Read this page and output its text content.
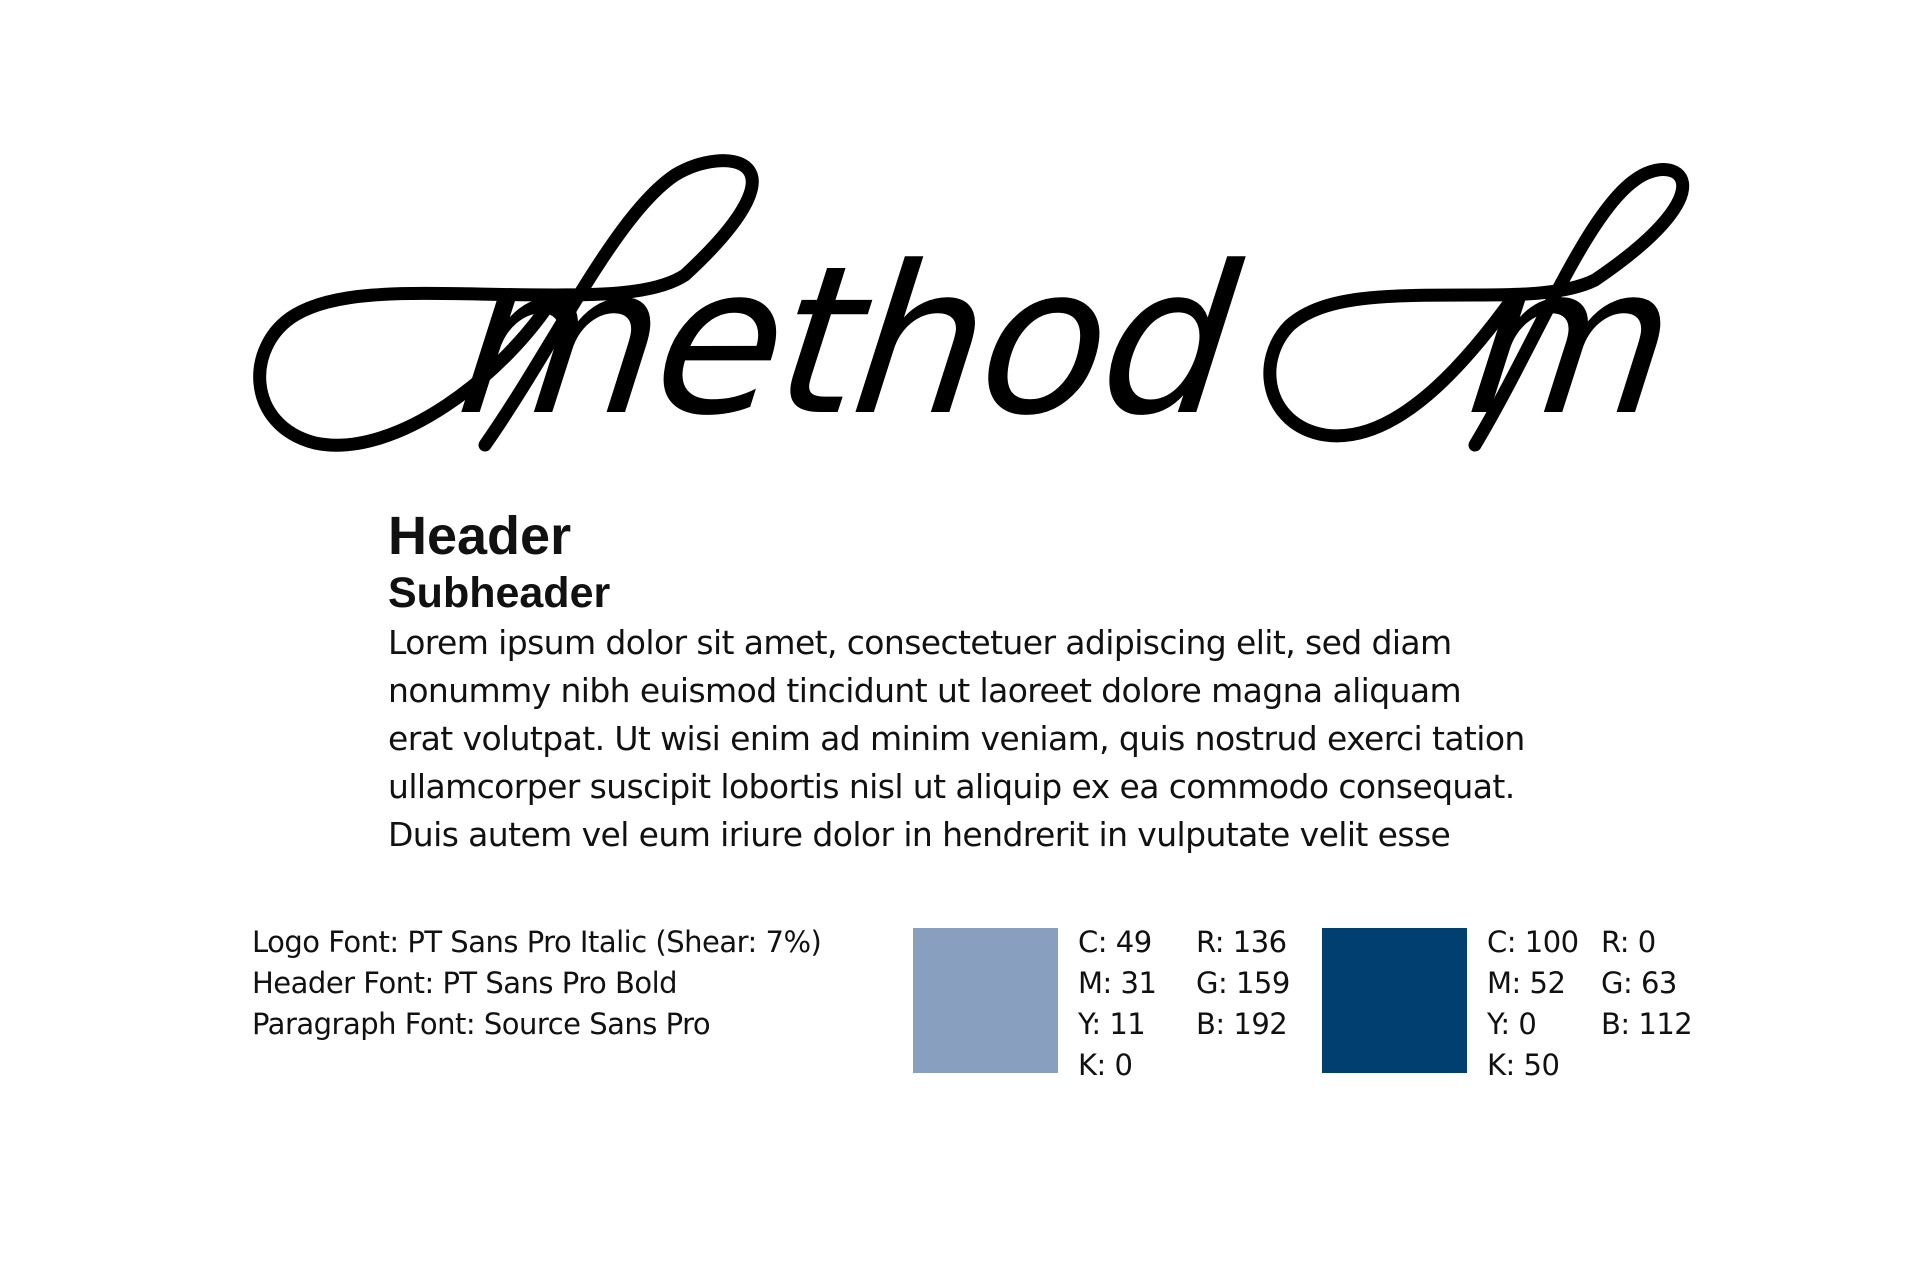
method m
Header
Subheader

Lorem ipsum dolor sit amet, consectetuer adipiscing elit, sed diam
nonummy nibh euismod tincidunt ut laoreet dolore magna aliquam
erat volutpat. Ut wisi enim ad minim veniam, quis nostrud exerci tation
ullamcorper suscipit lobortis nisl ut aliquip ex ea commodo consequat.
Duis autem vel eum iriure dolor in hendrerit in vulputate velit esse

Logo Font: PT Sans Pro Italic (Shear: 7%)
Header Font: PT Sans Pro Bold
Paragraph Font: Source Sans Pro
C: 49
M: 31
Y: 11
K: 0
R: 136
G: 159
B: 192
C: 100
M: 52
Y: 0
K: 50
R: 0
G: 63
B: 112
